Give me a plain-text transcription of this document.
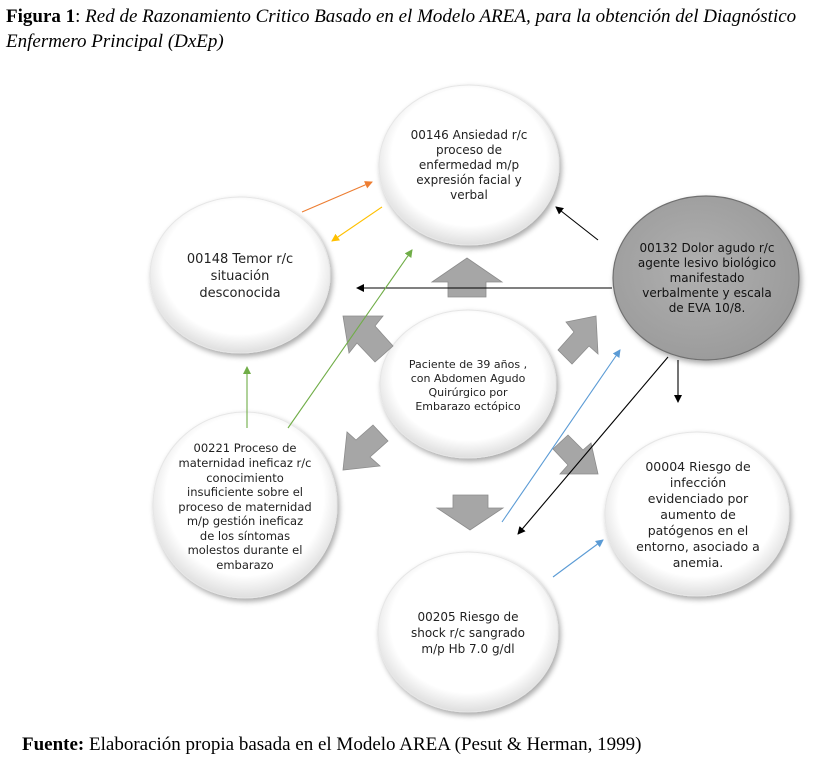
Figura 1: Red de Razonamiento Critico Basado en el Modelo AREA, para la obtención del Diagnóstico Enfermero Principal (DxEp)
00146 Ansiedad r/c proceso de enfermedad m/p expresión facial y verbal
00148 Temor r/c situación desconocida
00132 Dolor agudo r/c agente lesivo biológico manifestado verbalmente y escala de EVA 10/8.
Paciente de 39 años , con Abdomen Agudo Quirúrgico por Embarazo ectópico
00221 Proceso de maternidad ineficaz r/c conocimiento insuficiente sobre el proceso de maternidad m/p gestión ineficaz de los síntomas molestos durante el embarazo
00004 Riesgo de infección evidenciado por aumento de patógenos en el entorno, asociado a anemia.
00205 Riesgo de shock r/c sangrado m/p Hb 7.0 g/dl
Fuente: Elaboración propia basada en el Modelo AREA (Pesut & Herman, 1999)
